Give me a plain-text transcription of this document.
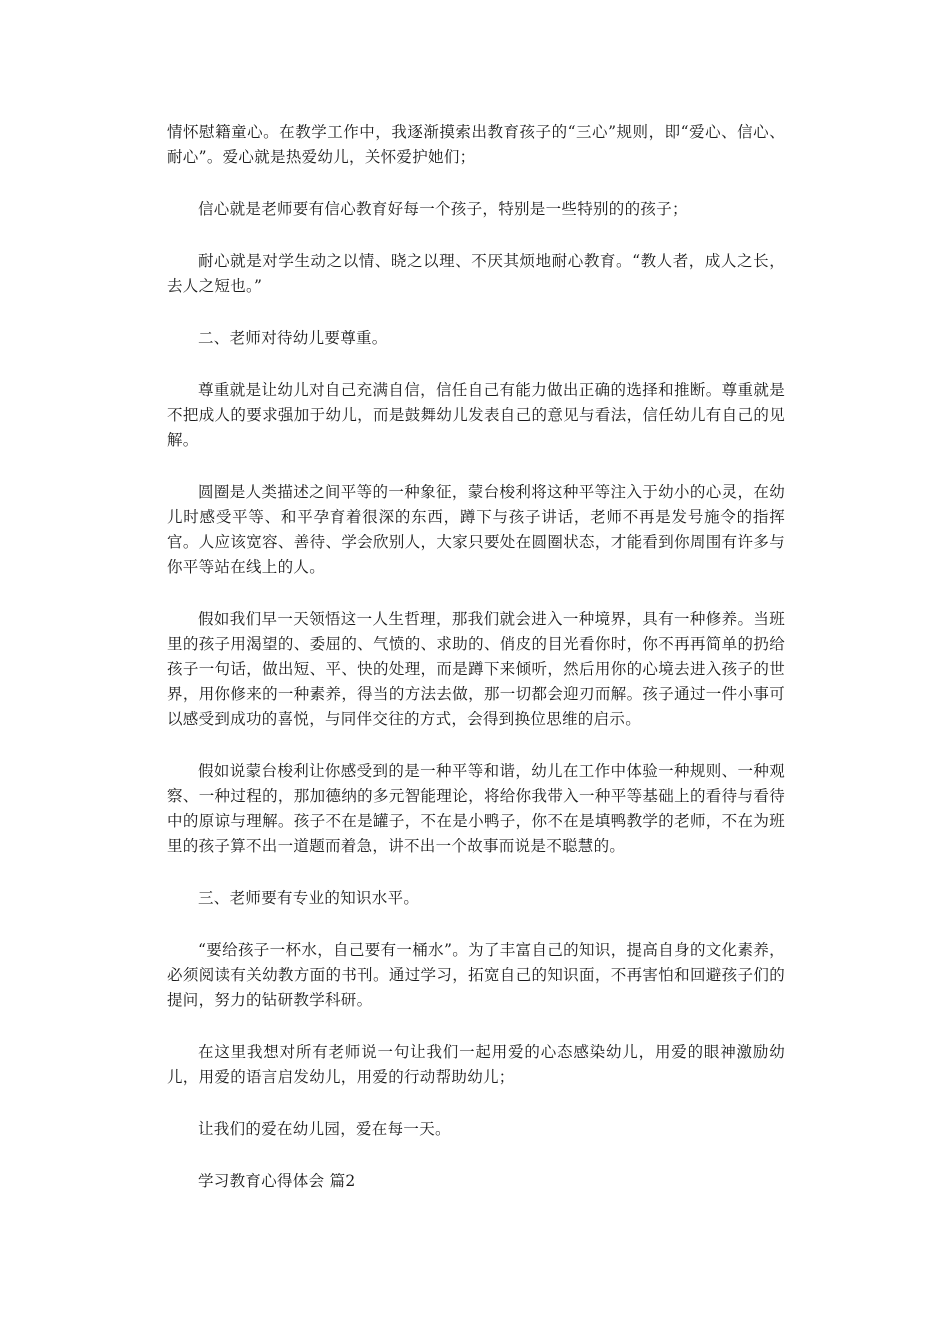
情怀慰籍童心。在教学工作中，我逐渐摸索出教育孩子的“三心”规则，即“爱心、信心、耐心”。爱心就是热爱幼儿，关怀爱护她们；

信心就是老师要有信心教育好每一个孩子，特别是一些特别的的孩子；

耐心就是对学生动之以情、晓之以理、不厌其烦地耐心教育。“教人者，成人之长，去人之短也。”

二、老师对待幼儿要尊重。

尊重就是让幼儿对自己充满自信，信任自己有能力做出正确的选择和推断。尊重就是不把成人的要求强加于幼儿，而是鼓舞幼儿发表自己的意见与看法，信任幼儿有自己的见解。

圆圈是人类描述之间平等的一种象征，蒙台梭利将这种平等注入于幼小的心灵，在幼儿时感受平等、和平孕育着很深的东西，蹲下与孩子讲话，老师不再是发号施令的指挥官。人应该宽容、善待、学会欣别人，大家只要处在圆圈状态，才能看到你周围有许多与你平等站在线上的人。

假如我们早一天领悟这一人生哲理，那我们就会进入一种境界，具有一种修养。当班里的孩子用渴望的、委屈的、气愤的、求助的、俏皮的目光看你时，你不再再简单的扔给孩子一句话，做出短、平、快的处理，而是蹲下来倾听，然后用你的心境去进入孩子的世界，用你修来的一种素养，得当的方法去做，那一切都会迎刃而解。孩子通过一件小事可以感受到成功的喜悦，与同伴交往的方式，会得到换位思维的启示。

假如说蒙台梭利让你感受到的是一种平等和谐，幼儿在工作中体验一种规则、一种观察、一种过程的，那加德纳的多元智能理论，将给你我带入一种平等基础上的看待与看待中的原谅与理解。孩子不在是罐子，不在是小鸭子，你不在是填鸭教学的老师，不在为班里的孩子算不出一道题而着急，讲不出一个故事而说是不聪慧的。

三、老师要有专业的知识水平。

“要给孩子一杯水，自己要有一桶水”。为了丰富自己的知识，提高自身的文化素养，必须阅读有关幼教方面的书刊。通过学习，拓宽自己的知识面，不再害怕和回避孩子们的提问，努力的钻研教学科研。

在这里我想对所有老师说一句让我们一起用爱的心态感染幼儿，用爱的眼神激励幼儿，用爱的语言启发幼儿，用爱的行动帮助幼儿；

让我们的爱在幼儿园，爱在每一天。

学习教育心得体会 篇2
